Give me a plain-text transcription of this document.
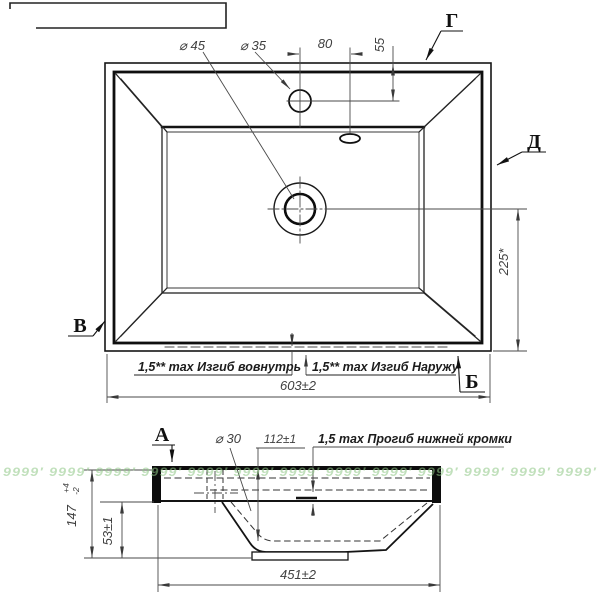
⌀ 45	⌀ 35	80	55
225*
603±2
1,5** max Изгиб вовнутрь 1,5** max Изгиб Наружу
Г
Д
В
Б
А	⌀ 30 112±1 1,5 max Прогиб нижней кромки
147
+4 -2
53±1
451±2
9999′ 9999′ 9999′ 9999′ 9999′ 9999′ 9999′ 9999′ 9999′ 9999′ 9999′ 9999′ 9999′
